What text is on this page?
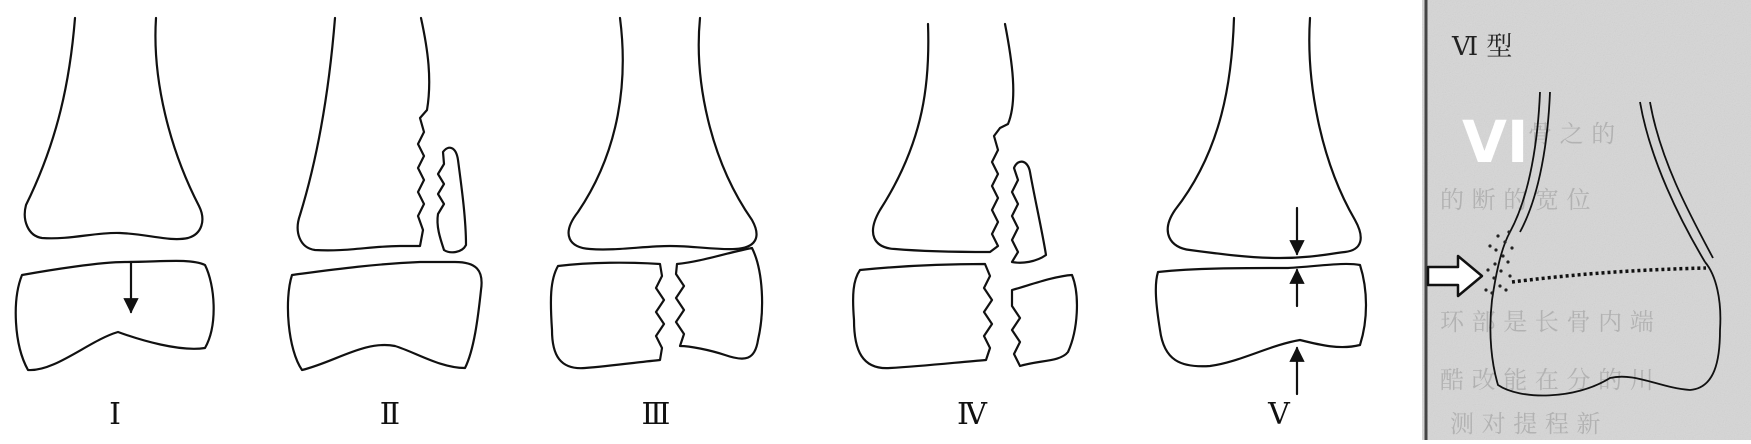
Ⅰ	Ⅱ	Ⅲ	Ⅳ	Ⅴ
骨 之 的
的 断 的 宽 位
环 部 是 长 骨 内 端
酷 改 能 在 分 的 川
测 对 提 程 新
Ⅵ 型
VI
